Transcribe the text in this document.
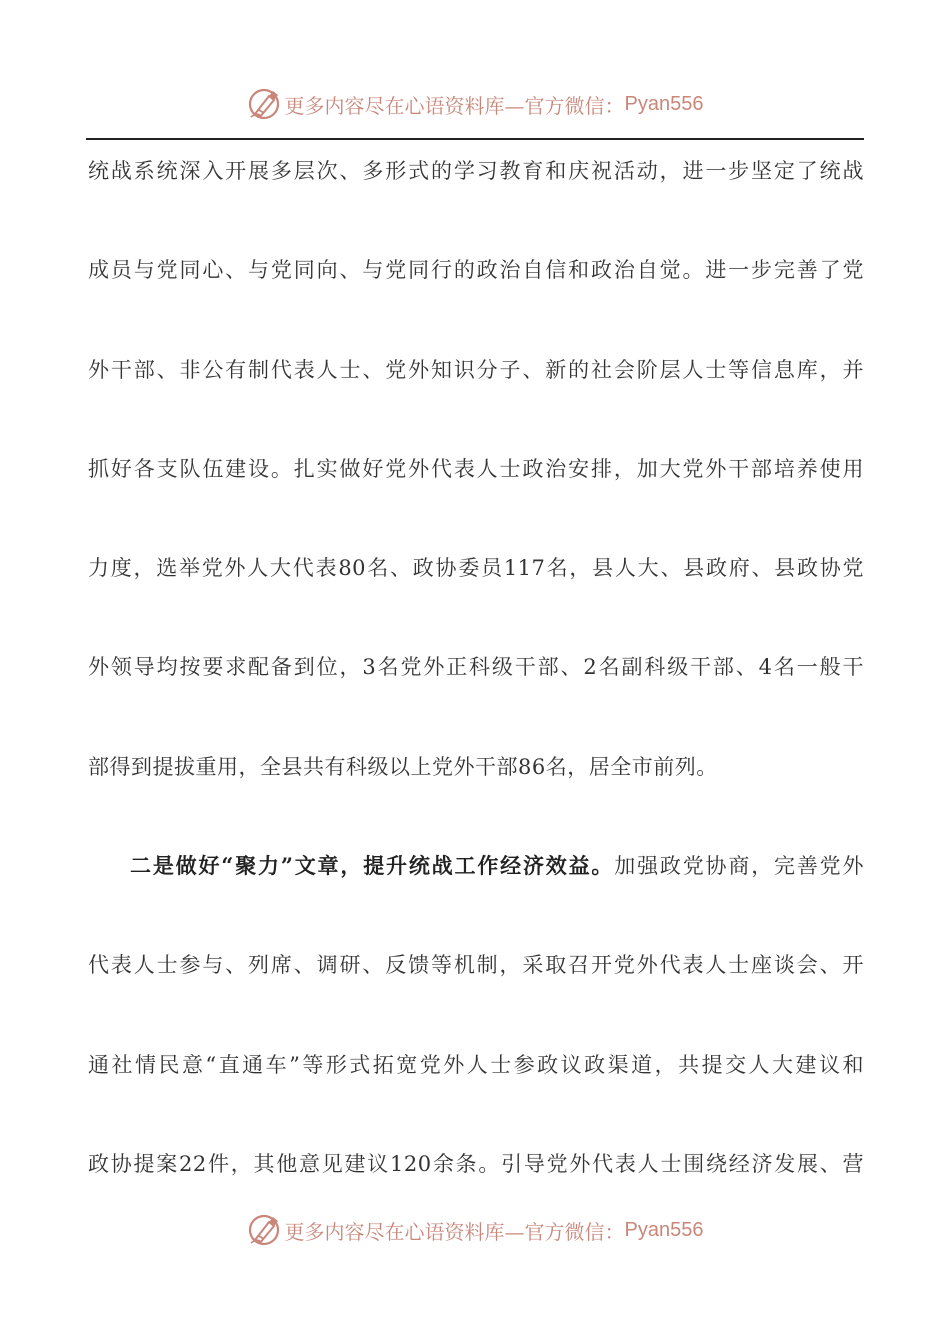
更多内容尽在心语资料库—官方微信： Pyan556
统战系统深入开展多层次、多形式的学习教育和庆祝活动，进一步坚定了统战
成员与党同心、与党同向、与党同行的政治自信和政治自觉。进一步完善了党
外干部、非公有制代表人士、党外知识分子、新的社会阶层人士等信息库，并
抓好各支队伍建设。扎实做好党外代表人士政治安排，加大党外干部培养使用
力度，选举党外人大代表80名、政协委员117名，县人大、县政府、县政协党
外领导均按要求配备到位，3名党外正科级干部、2名副科级干部、4名一般干
部得到提拔重用，全县共有科级以上党外干部86名，居全市前列。
二是做好“聚力”文章，提升统战工作经济效益。加强政党协商，完善党外
代表人士参与、列席、调研、反馈等机制，采取召开党外代表人士座谈会、开
通社情民意“直通车”等形式拓宽党外人士参政议政渠道，共提交人大建议和
政协提案22件，其他意见建议120余条。引导党外代表人士围绕经济发展、营
更多内容尽在心语资料库—官方微信： Pyan556
